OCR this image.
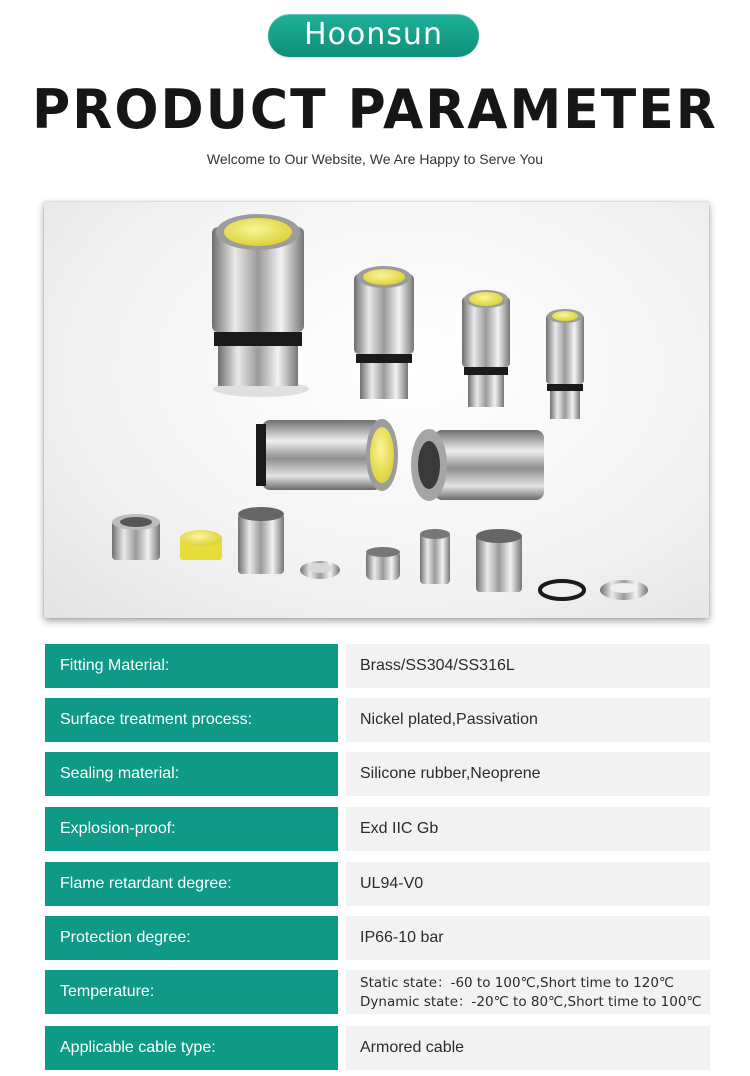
Hoonsun
PRODUCT PARAMETER
Welcome to Our Website, We Are Happy to Serve You
Fitting Material:	Brass/SS304/SS316L
Surface treatment process:	Nickel plated,Passivation
Sealing material:	Silicone rubber,Neoprene
Explosion-proof:	Exd IIC Gb
Flame retardant degree:	UL94-V0
Protection degree:	IP66-10 bar
Temperature:	Static state：-60 to 100℃,Short time to 120℃
Dynamic state：-20℃ to 80℃,Short time to 100℃
Applicable cable type:	Armored cable
